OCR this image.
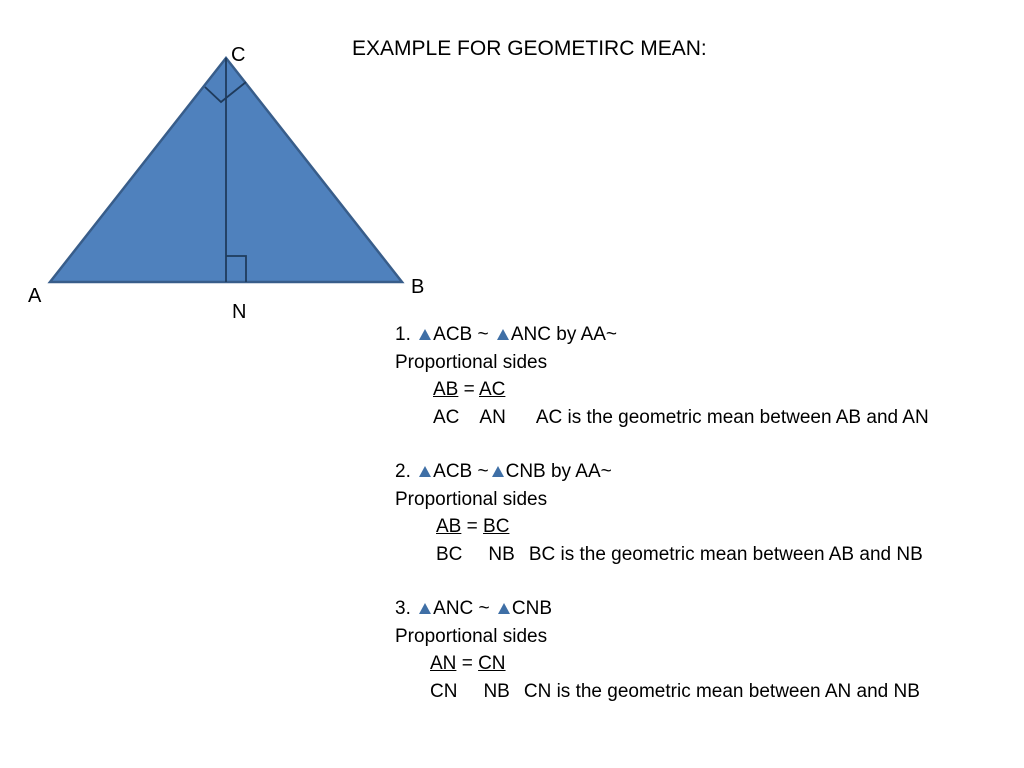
C
A	B
N
EXAMPLE FOR GEOMETIRC MEAN:
1. ACB ~ ANC by AA~
Proportional sides
AB = AC
AC AN AC is the geometric mean between AB and AN
2. ACB ~ CNB by AA~
Proportional sides
AB = BC
BC NB BC is the geometric mean between AB and NB
3. ANC ~ CNB
Proportional sides
AN = CN
CN NB CN is the geometric mean between AN and NB
